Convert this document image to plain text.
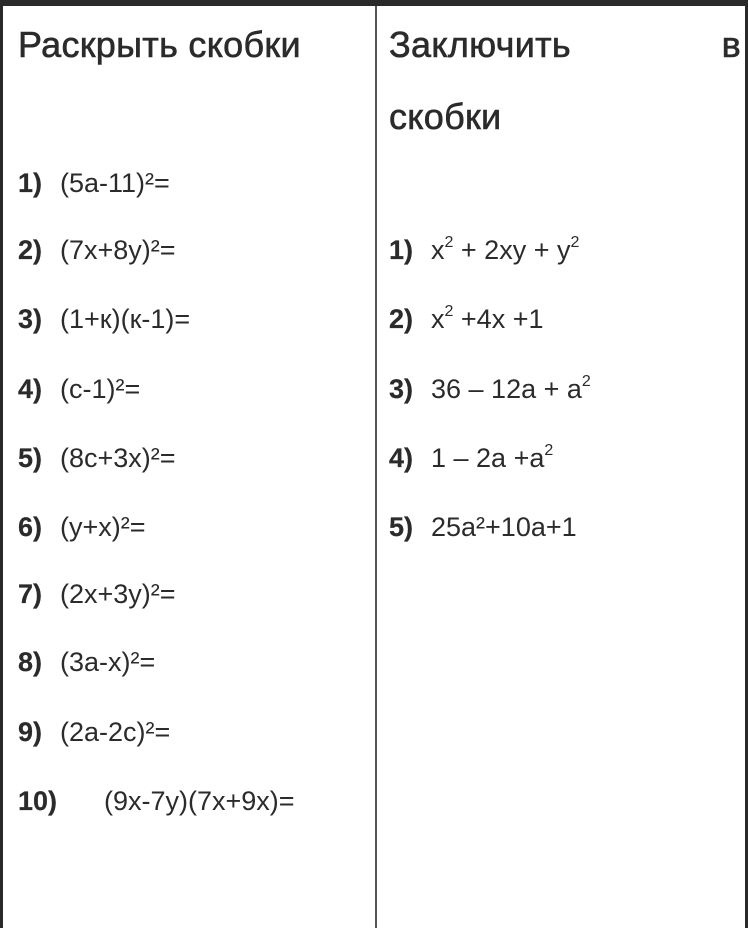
Раскрыть скобки
1) (5a-11)²=
2) (7x+8y)²=
3) (1+к)(к-1)=
4) (c-1)²=
5) (8c+3x)²=
6) (y+x)²=
7) (2x+3y)²=
8) (3a-x)²=
9) (2a-2c)²=
10) (9x-7y)(7x+9x)=
Заключить	в
скобки
1) $x^2 + 2xy + y^2$
2) $x^2 +4x +1$
3) $36 - 12a + a^2$
4) $1 - 2a +a^2$
5) 25a²+10a+1
